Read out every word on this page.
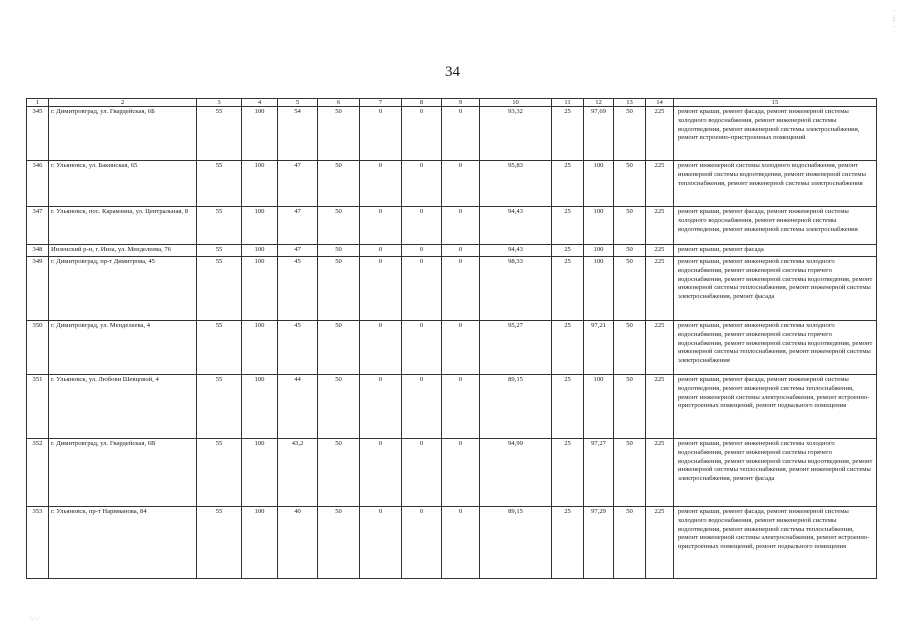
·
¦
·
34
1	2	3	4	5	6	7	8	9	10	11	12	13	14	15
345	г. Димитровград, ул. Гвардейская, 6Б	55	100	54	50	0	0	0	93,32	25	97,69	50	225	ремонт крыши, ремонт фасада, ремонт инженерной системы холодного водоснабжения, ремонт инженерной системы водоотведения, ремонт инженерной системы электроснабжения, ремонт встроенно-пристроенных помещений
346	г. Ульяновск, ул. Бакинская, 65	55	100	47	50	0	0	0	95,83	25	100	50	225	ремонт инженерной системы холодного водоснабжения, ремонт инженерной системы водоотведения, ремонт инженерной системы теплоснабжения, ремонт инженерной системы электроснабжения
347	г. Ульяновск, пос. Карамзина, ул. Центральная, 8	55	100	47	50	0	0	0	94,43	25	100	50	225	ремонт крыши, ремонт фасада, ремонт инженерной системы холодного водоснабжения, ремонт инженерной системы водоотведения, ремонт инженерной системы электроснабжения
348	Инзенский р-н, г. Инза, ул. Менделеева, 76	55	100	47	50	0	0	0	94,43	25	100	50	225	ремонт крыши, ремонт фасада
349	г. Димитровград, пр-т Димитрова, 45	55	100	45	50	0	0	0	98,33	25	100	50	225	ремонт крыши, ремонт инженерной системы холодного водоснабжения, ремонт инженерной системы горячего водоснабжения, ремонт инженерной системы водоотведения, ремонт инженерной системы теплоснабжения, ремонт инженерной системы электроснабжения, ремонт фасада
350	г. Димитровград, ул. Менделеева, 4	55	100	45	50	0	0	0	95,27	25	97,21	50	225	ремонт крыши, ремонт инженерной системы холодного водоснабжения, ремонт инженерной системы горячего водоснабжения, ремонт инженерной системы водоотведения, ремонт инженерной системы теплоснабжения, ремонт инженерной системы электроснабжения
351	г. Ульяновск, ул. Любови Шевцовой, 4	55	100	44	50	0	0	0	89,15	25	100	50	225	ремонт крыши, ремонт фасада, ремонт инженерной системы водоотведения, ремонт инженерной системы теплоснабжения, ремонт инженерной системы электроснабжения, ремонт встроенно-пристроенных помещений, ремонт подвального помещения
352	г. Димитровград, ул. Гвардейская, 6В	55	100	43,2	50	0	0	0	94,99	25	97,27	50	225	ремонт крыши, ремонт инженерной системы холодного водоснабжения, ремонт инженерной системы горячего водоснабжения, ремонт инженерной системы водоотведения, ремонт инженерной системы теплоснабжения, ремонт инженерной системы электроснабжения, ремонт фасада
353	г. Ульяновск, пр-т Нариманова, 84	55	100	40	50	0	0	0	89,15	25	97,29	50	225	ремонт крыши, ремонт фасада, ремонт инженерной системы холодного водоснабжения, ремонт инженерной системы водоотведения, ремонт инженерной системы теплоснабжения, ремонт инженерной системы электроснабжения, ремонт встроенно-пристроенных помещений, ремонт подвального помещения
·.·.·
